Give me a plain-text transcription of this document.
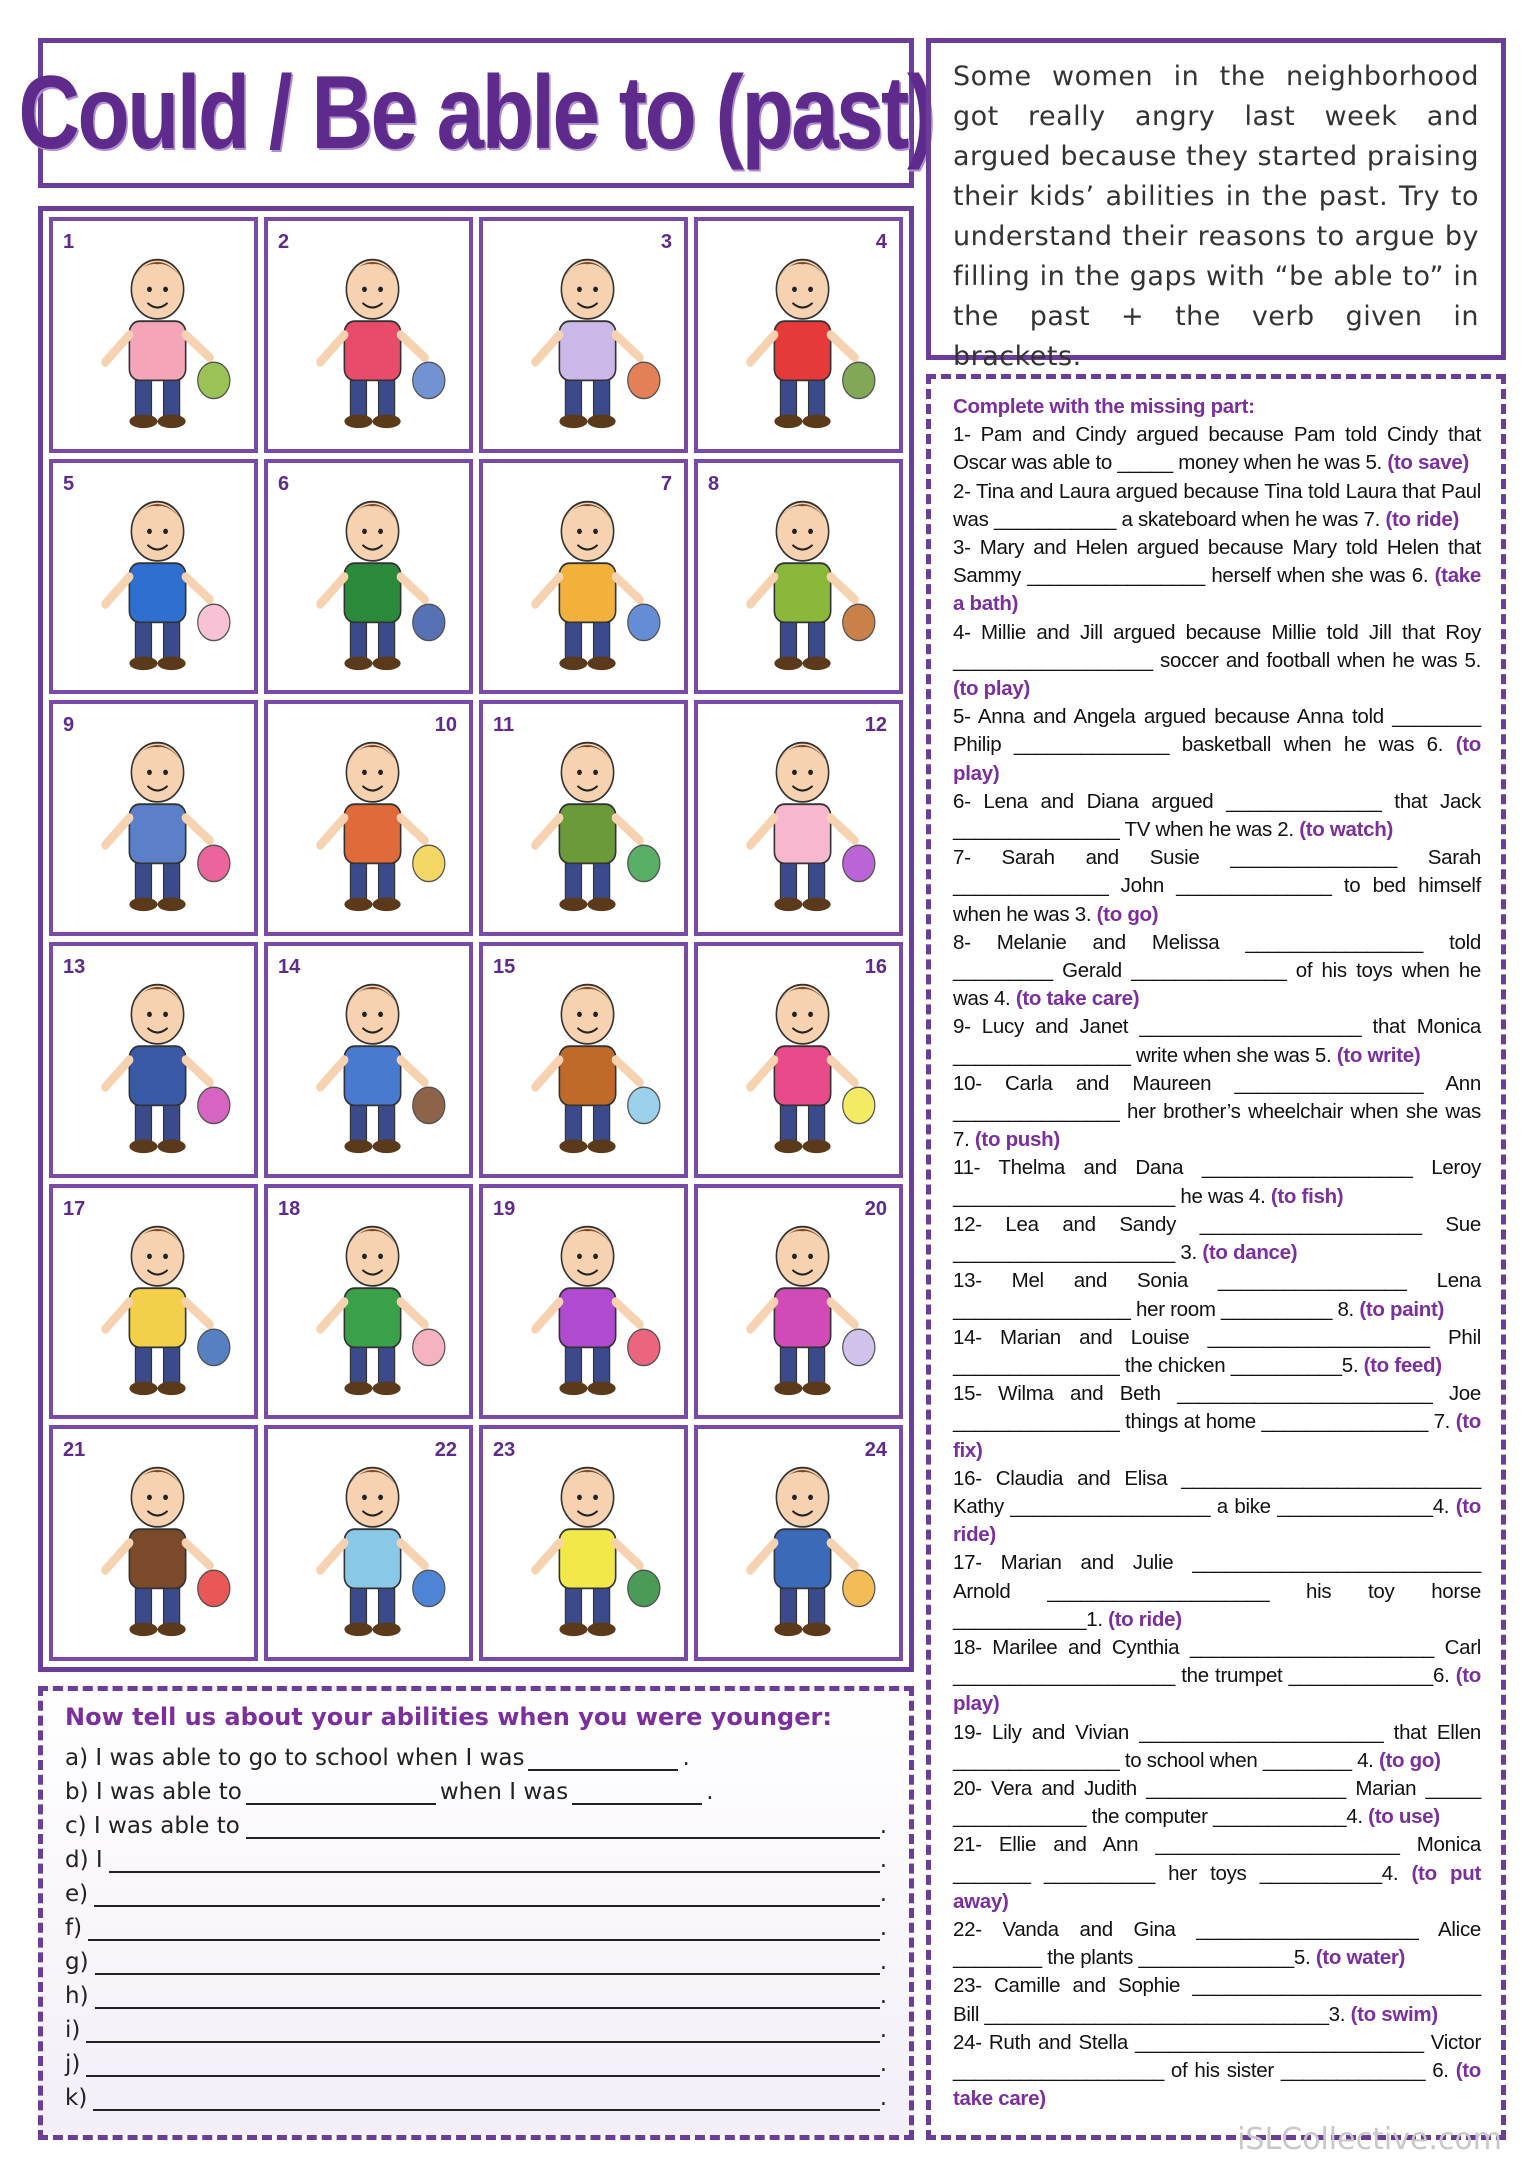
Could / Be able to (past) Some women in the neighborhood got really angry last week and argued because they started praising their kids’ abilities in the past. Try to understand their reasons to argue by filling in the gaps with “be able to” in the past + the verb given in brackets.
1	2	3	4
5	6	7 8
9	10 11	12
13	14	15	16
17	18	19	20
21	22 23	24

Complete with the missing part:

1- Pam and Cindy argued because Pam told Cindy that Oscar was able to _____ money when he was 5. (to save)

2- Tina and Laura argued because Tina told Laura that Paul was ___________ a skateboard when he was 7. (to ride)

3- Mary and Helen argued because Mary told Helen that Sammy ________________ herself when she was 6. (take a bath)

4- Millie and Jill argued because Millie told Jill that Roy __________________ soccer and football when he was 5. (to play)

5- Anna and Angela argued because Anna told ________ Philip ______________ basketball when he was 6. (to play)

6- Lena and Diana argued ______________ that Jack _______________ TV when he was 2. (to watch)

7- Sarah and Susie _______________ Sarah ______________ John ______________ to bed himself when he was 3. (to go)

8- Melanie and Melissa ________________ told _________ Gerald ______________ of his toys when he was 4. (to take care)

9- Lucy and Janet ____________________ that Monica ________________ write when she was 5. (to write)

10- Carla and Maureen _________________ Ann _______________ her brother’s wheelchair when she was 7. (to push)

11- Thelma and Dana ___________________ Leroy ____________________ he was 4. (to fish)

12- Lea and Sandy ____________________ Sue ____________________ 3. (to dance)

13- Mel and Sonia _________________ Lena ________________ her room __________ 8. (to paint)

14- Marian and Louise ____________________ Phil _______________ the chicken __________5. (to feed)

15- Wilma and Beth _______________________ Joe _______________ things at home _______________ 7. (to fix)

16- Claudia and Elisa ___________________________ Kathy __________________ a bike ______________4. (to ride)

17- Marian and Julie __________________________ Arnold ____________________ his toy horse ____________1. (to ride)

18- Marilee and Cynthia ______________________ Carl ____________________ the trumpet _____________6. (to play)

19- Lily and Vivian ______________________ that Ellen _______________ to school when ________ 4. (to go)

20- Vera and Judith __________________ Marian _____ ____________ the computer ____________4. (to use)

21- Ellie and Ann ______________________ Monica _______ __________ her toys ___________4. (to put away)

22- Vanda and Gina ____________________ Alice ________ the plants ______________5. (to water)

23- Camille and Sophie __________________________ Bill _______________________________3. (to swim)

24- Ruth and Stella __________________________ Victor ___________________ of his sister _____________ 6. (to take care)

Now tell us about your abilities when you were younger:
a) I was able to go to school when I was	.
b) I was able to	when I was	.
c) I was able to	.
d) I	.
e)	.
f)	.
g)	.
h)	.
i)	.
j)	.
k)	.
iSLCollective.com
